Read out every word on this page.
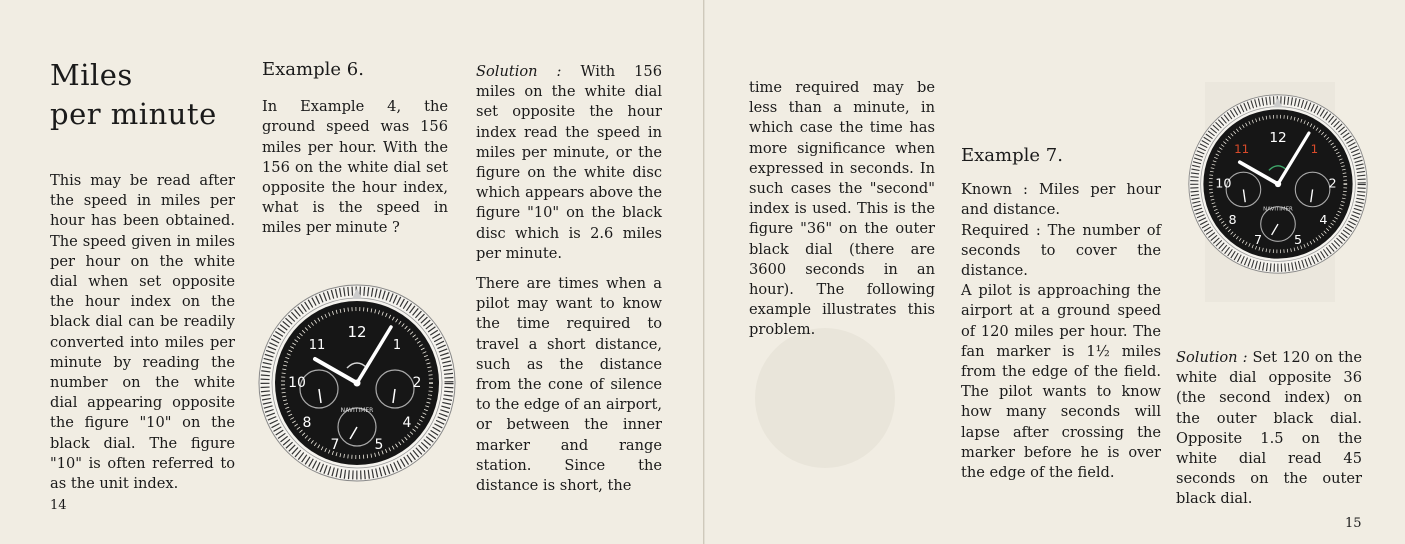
Miles
per minute

This may be read after the speed in miles per hour has been obtained. The speed given in miles per hour on the white dial when set opposite the hour index on the black dial can be readily converted into miles per minute by reading the number on the white dial appearing opposite the figure "10" on the black dial. The figure "10" is often referred to as the unit index.

Example 6.

In Example 4, the ground speed was 156 miles per hour. With the 156 on the white dial set opposite the hour index, what is the speed in miles per minute ?

12
11	1
10	2
8	4
7	5
NAVITIMER

Solution : With 156 miles on the white dial set opposite the hour index read the speed in miles per minute, or the figure on the white disc which appears above the figure "10" on the black disc which is 2.6 miles per minute.

There are times when a pilot may want to know the time required to travel a short distance, such as the distance from the cone of silence to the edge of an airport, or between the inner marker and range station. Since the distance is short, the

14

time required may be less than a minute, in which case the time has more significance when expressed in seconds. In such cases the "second" index is used. This is the figure "36" on the outer black dial (there are 3600 seconds in an hour). The following example illustrates this problem.

Example 7.

Known : Miles per hour and distance.

Required : The number of seconds to cover the distance.

A pilot is approaching the airport at a ground speed of 120 miles per hour. The fan marker is 1½ miles from the edge of the field. The pilot wants to know how many seconds will lapse after crossing the marker before he is over the edge of the field.

12
11	1
10	2
8	4
7 5
NAVITIMER

Solution : Set 120 on the white dial opposite 36 (the second index) on the outer black dial. Opposite 1.5 on the white dial read 45 seconds on the outer black dial.

15
